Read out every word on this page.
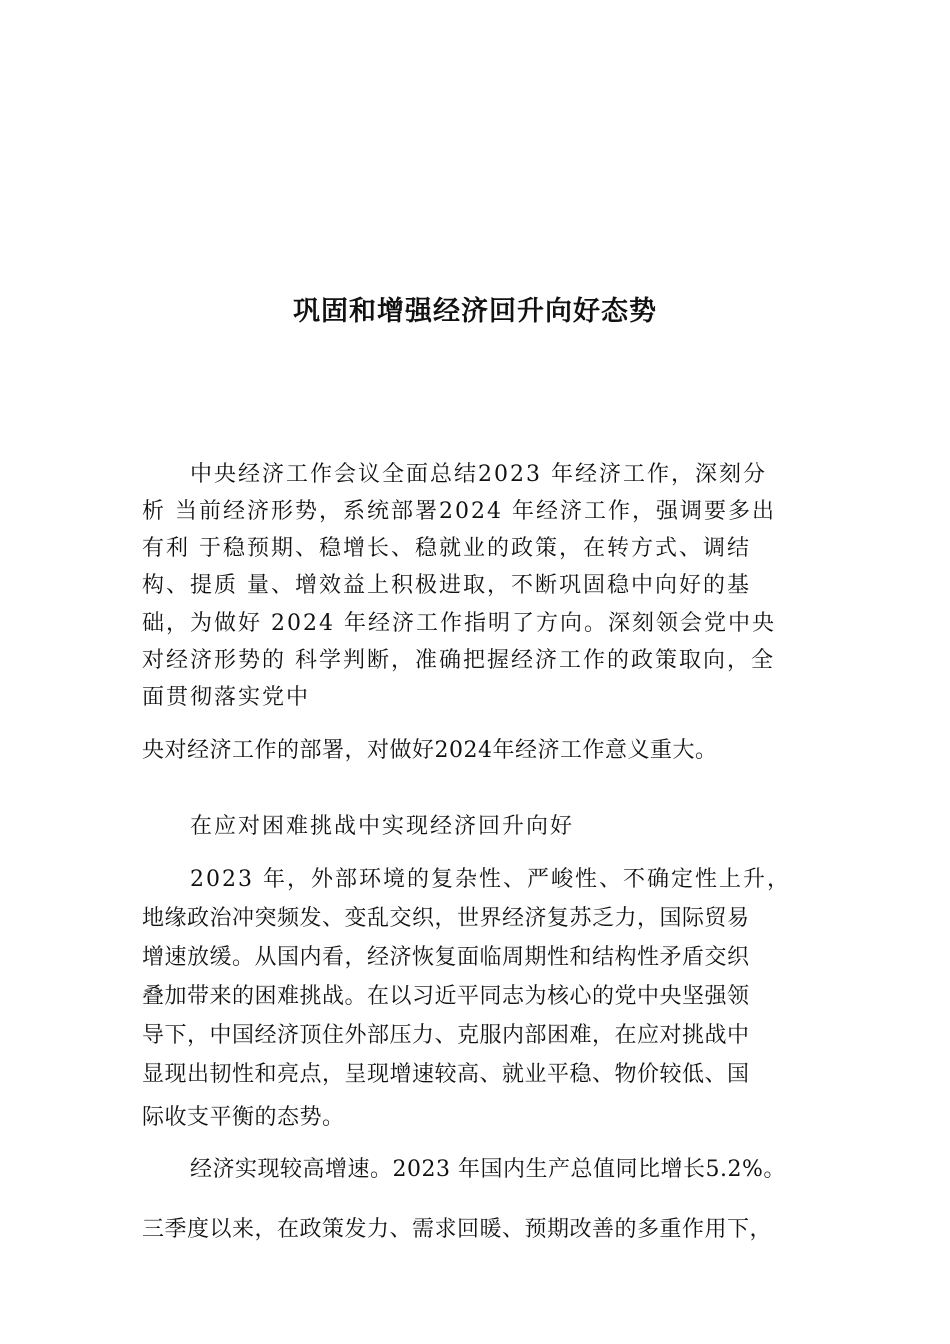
巩固和增强经济回升向好态势
中央经济工作会议全面总结2023 年经济工作，深刻分
析 当前经济形势，系统部署2024 年经济工作，强调要多出
有利 于稳预期、稳增长、稳就业的政策，在转方式、调结
构、提质 量、增效益上积极进取，不断巩固稳中向好的基
础，为做好 2024 年经济工作指明了方向。深刻领会党中央
对经济形势的 科学判断，准确把握经济工作的政策取向，全
面贯彻落实党中
央对经济工作的部署，对做好2024年经济工作意义重大。
在应对困难挑战中实现经济回升向好
2023 年，外部环境的复杂性、严峻性、不确定性上升，
地缘政治冲突频发、变乱交织，世界经济复苏乏力，国际贸易
增速放缓。从国内看，经济恢复面临周期性和结构性矛盾交织
叠加带来的困难挑战。在以习近平同志为核心的党中央坚强领
导下，中国经济顶住外部压力、克服内部困难，在应对挑战中
显现出韧性和亮点，呈现增速较高、就业平稳、物价较低、国
际收支平衡的态势。
经济实现较高增速。2023 年国内生产总值同比增长5.2%。
三季度以来，在政策发力、需求回暖、预期改善的多重作用下，
